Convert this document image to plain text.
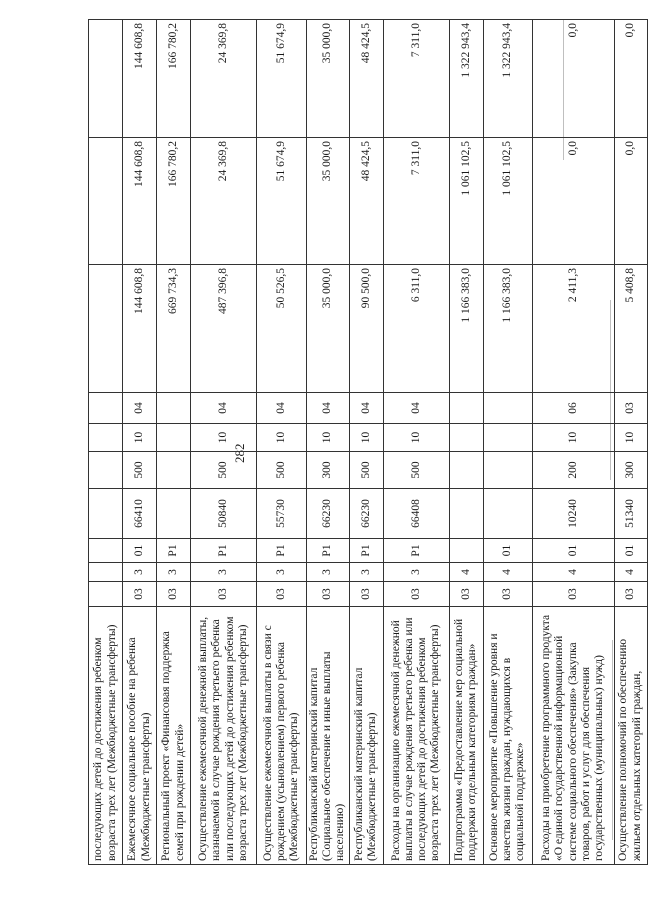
282
последующих детей до достижения ребенком возраста трех лет (Межбюджетные трансферты)										
Ежемесячное социальное пособие на ребенка (Межбюджетные трансферты)	03	3	01	66410	500	10	04	144 608,8	144 608,8	144 608,8
Региональный проект «Финансовая поддержка семей при рождении детей»	03	3	P1					669 734,3	166 780,2	166 780,2
Осуществление ежемесячной денежной выплаты, назначаемой в случае рождения третьего ребенка или последующих детей до достижения ребенком возраста трех лет (Межбюджетные трансферты)	03	3	P1	50840	500	10	04	487 396,8	24 369,8	24 369,8
Осуществление ежемесячной выплаты в связи с рождением (усыновлением) первого ребенка (Межбюджетные трансферты)	03	3	P1	55730	500	10	04	50 526,5	51 674,9	51 674,9
Республиканский материнский капитал (Социальное обеспечение и иные выплаты населению)	03	3	P1	66230	300	10	04	35 000,0	35 000,0	35 000,0
Республиканский материнский капитал (Межбюджетные трансферты)	03	3	P1	66230	500	10	04	90 500,0	48 424,5	48 424,5
Расходы на организацию ежемесячной денежной выплаты в случае рождения третьего ребенка или последующих детей до достижения ребенком возраста трех лет (Межбюджетные трансферты)	03	3	P1	66408	500	10	04	6 311,0	7 311,0	7 311,0
Подпрограмма «Предоставление мер социальной поддержки отдельным категориям граждан»	03	4						1 166 383,0	1 061 102,5	1 322 943,4
Основное мероприятие «Повышение уровня и качества жизни граждан, нуждающихся в социальной поддержке»	03	4	01					1 166 383,0	1 061 102,5	1 322 943,4
Расходы на приобретение программного продукта «О единой государственной информационной системе социального обеспечения» (Закупка товаров, работ и услуг для обеспечения государственных (муниципальных) нужд)	03	4	01	10240	200	10	06	2 411,3	0,0	0,0
Осуществление полномочий по обеспечению жильем отдельных категорий граждан,	03	4	01	51340	300	10	03	5 408,8	0,0	0,0
